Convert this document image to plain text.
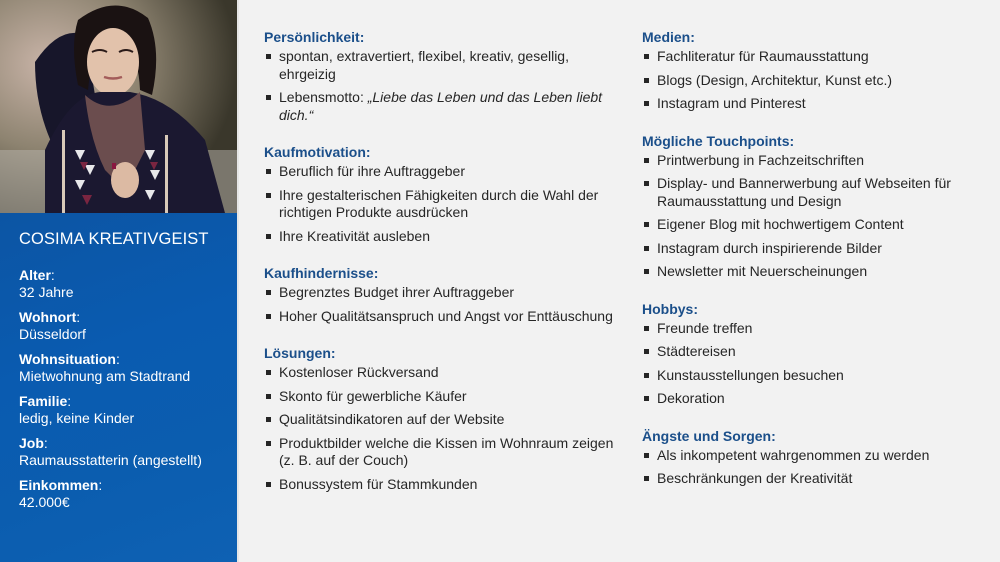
COSIMA KREATIVGEIST
Alter:
32 Jahre
Wohnort:
Düsseldorf
Wohnsituation:
Mietwohnung am Stadtrand
Familie:
ledig, keine Kinder
Job:
Raumausstatterin (angestellt)
Einkommen:
42.000€
Persönlichkeit:
spontan, extravertiert, flexibel, kreativ, gesellig, ehrgeizig
Lebensmotto: „Liebe das Leben und das Leben liebt dich.“
Kaufmotivation:
Beruflich für ihre Auftraggeber
Ihre gestalterischen Fähigkeiten durch die Wahl der richtigen Produkte ausdrücken
Ihre Kreativität ausleben
Kaufhindernisse:
Begrenztes Budget ihrer Auftraggeber
Hoher Qualitätsanspruch und Angst vor Enttäuschung
Lösungen:
Kostenloser Rückversand
Skonto für gewerbliche Käufer
Qualitätsindikatoren auf der Website
Produktbilder welche die Kissen im Wohnraum zeigen (z. B. auf der Couch)
Bonussystem für Stammkunden
Medien:
Fachliteratur für Raumausstattung
Blogs (Design, Architektur, Kunst etc.)
Instagram und Pinterest
Mögliche Touchpoints:
Printwerbung in Fachzeitschriften
Display- und Bannerwerbung auf Webseiten für Raumausstattung und Design
Eigener Blog mit hochwertigem Content
Instagram durch inspirierende Bilder
Newsletter mit Neuerscheinungen
Hobbys:
Freunde treffen
Städtereisen
Kunstausstellungen besuchen
Dekoration
Ängste und Sorgen:
Als inkompetent wahrgenommen zu werden
Beschränkungen der Kreativität
